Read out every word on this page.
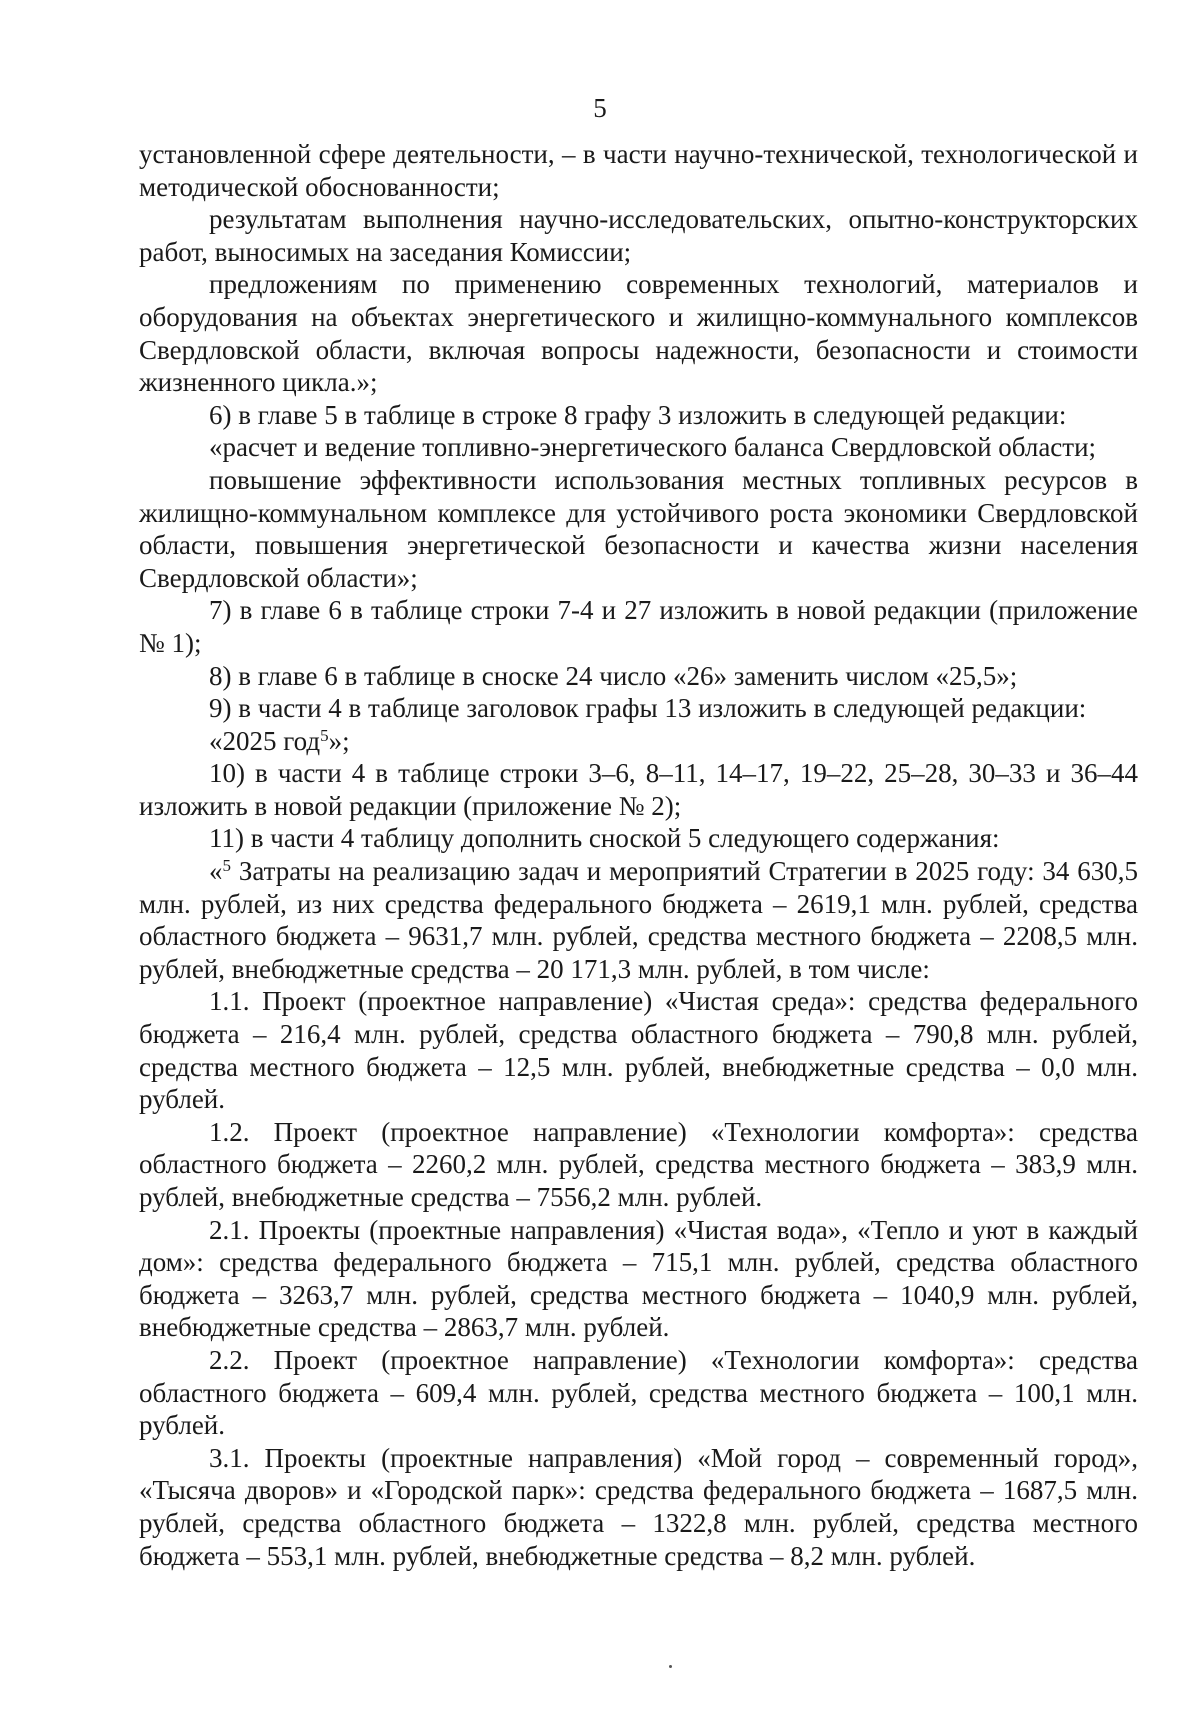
5

установленной сфере деятельности, – в части научно-технической, технологической и методической обоснованности;

результатам выполнения научно-исследовательских, опытно-конструкторских работ, выносимых на заседания Комиссии;

предложениям по применению современных технологий, материалов и оборудования на объектах энергетического и жилищно-коммунального комплексов Свердловской области, включая вопросы надежности, безопасности и стоимости жизненного цикла.»;

6) в главе 5 в таблице в строке 8 графу 3 изложить в следующей редакции:

«расчет и ведение топливно-энергетического баланса Свердловской области;

повышение эффективности использования местных топливных ресурсов в жилищно-коммунальном комплексе для устойчивого роста экономики Свердловской области, повышения энергетической безопасности и качества жизни населения Свердловской области»;

7) в главе 6 в таблице строки 7-4 и 27 изложить в новой редакции (приложение № 1);

8) в главе 6 в таблице в сноске 24 число «26» заменить числом «25,5»;

9) в части 4 в таблице заголовок графы 13 изложить в следующей редакции:

«2025 год$^5$»;

10) в части 4 в таблице строки 3–6, 8–11, 14–17, 19–22, 25–28, 30–33 и 36–44 изложить в новой редакции (приложение № 2);

11) в части 4 таблицу дополнить сноской 5 следующего содержания:

«$^5$ Затраты на реализацию задач и мероприятий Стратегии в 2025 году: 34 630,5 млн. рублей, из них средства федерального бюджета – 2619,1 млн. рублей, средства областного бюджета – 9631,7 млн. рублей, средства местного бюджета – 2208,5 млн. рублей, внебюджетные средства – 20 171,3 млн. рублей, в том числе:

1.1. Проект (проектное направление) «Чистая среда»: средства федерального бюджета – 216,4 млн. рублей, средства областного бюджета – 790,8 млн. рублей, средства местного бюджета – 12,5 млн. рублей, внебюджетные средства – 0,0 млн. рублей.

1.2. Проект (проектное направление) «Технологии комфорта»: средства областного бюджета – 2260,2 млн. рублей, средства местного бюджета – 383,9 млн. рублей, внебюджетные средства – 7556,2 млн. рублей.

2.1. Проекты (проектные направления) «Чистая вода», «Тепло и уют в каждый дом»: средства федерального бюджета – 715,1 млн. рублей, средства областного бюджета – 3263,7 млн. рублей, средства местного бюджета – 1040,9 млн. рублей, внебюджетные средства – 2863,7 млн. рублей.

2.2. Проект (проектное направление) «Технологии комфорта»: средства областного бюджета – 609,4 млн. рублей, средства местного бюджета – 100,1 млн. рублей.

3.1. Проекты (проектные направления) «Мой город – современный город», «Тысяча дворов» и «Городской парк»: средства федерального бюджета – 1687,5 млн. рублей, средства областного бюджета – 1322,8 млн. рублей, средства местного бюджета – 553,1 млн. рублей, внебюджетные средства – 8,2 млн. рублей.
